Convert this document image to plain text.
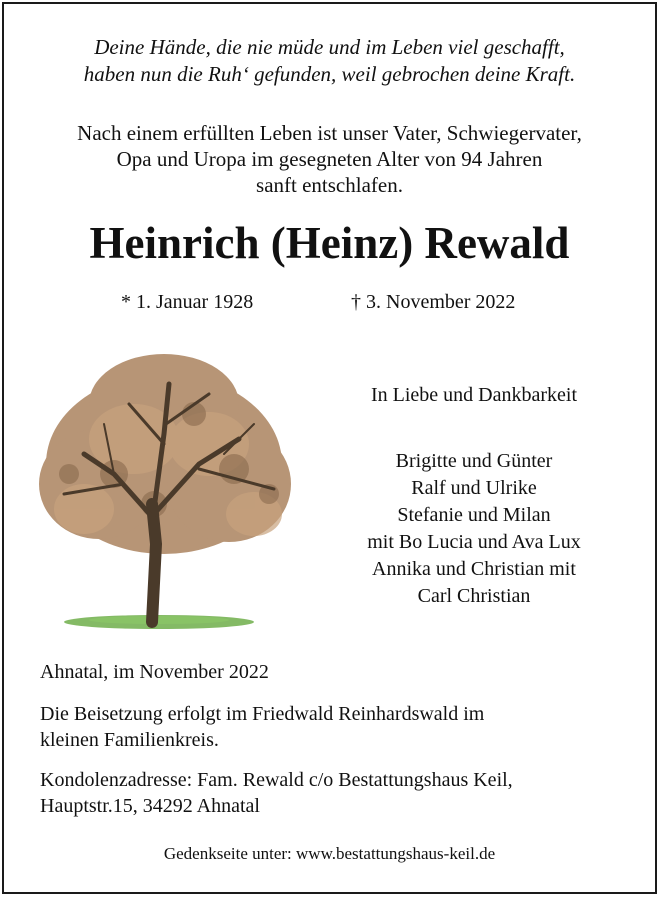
Deine Hände, die nie müde und im Leben viel geschafft,
haben nun die Ruh‘ gefunden, weil gebrochen deine Kraft.
Nach einem erfüllten Leben ist unser Vater, Schwiegervater,
Opa und Uropa im gesegneten Alter von 94 Jahren
sanft entschlafen.
Heinrich (Heinz) Rewald
* 1. Januar 1928	† 3. November 2022
In Liebe und Dankbarkeit
Brigitte und Günter
Ralf und Ulrike
Stefanie und Milan
mit Bo Lucia und Ava Lux
Annika und Christian mit
Carl Christian
Ahnatal, im November 2022
Die Beisetzung erfolgt im Friedwald Reinhardswald im
kleinen Familienkreis.
Kondolenzadresse: Fam. Rewald c/o Bestattungshaus Keil,
Hauptstr.15, 34292 Ahnatal
Gedenkseite unter: www.bestattungshaus-keil.de
